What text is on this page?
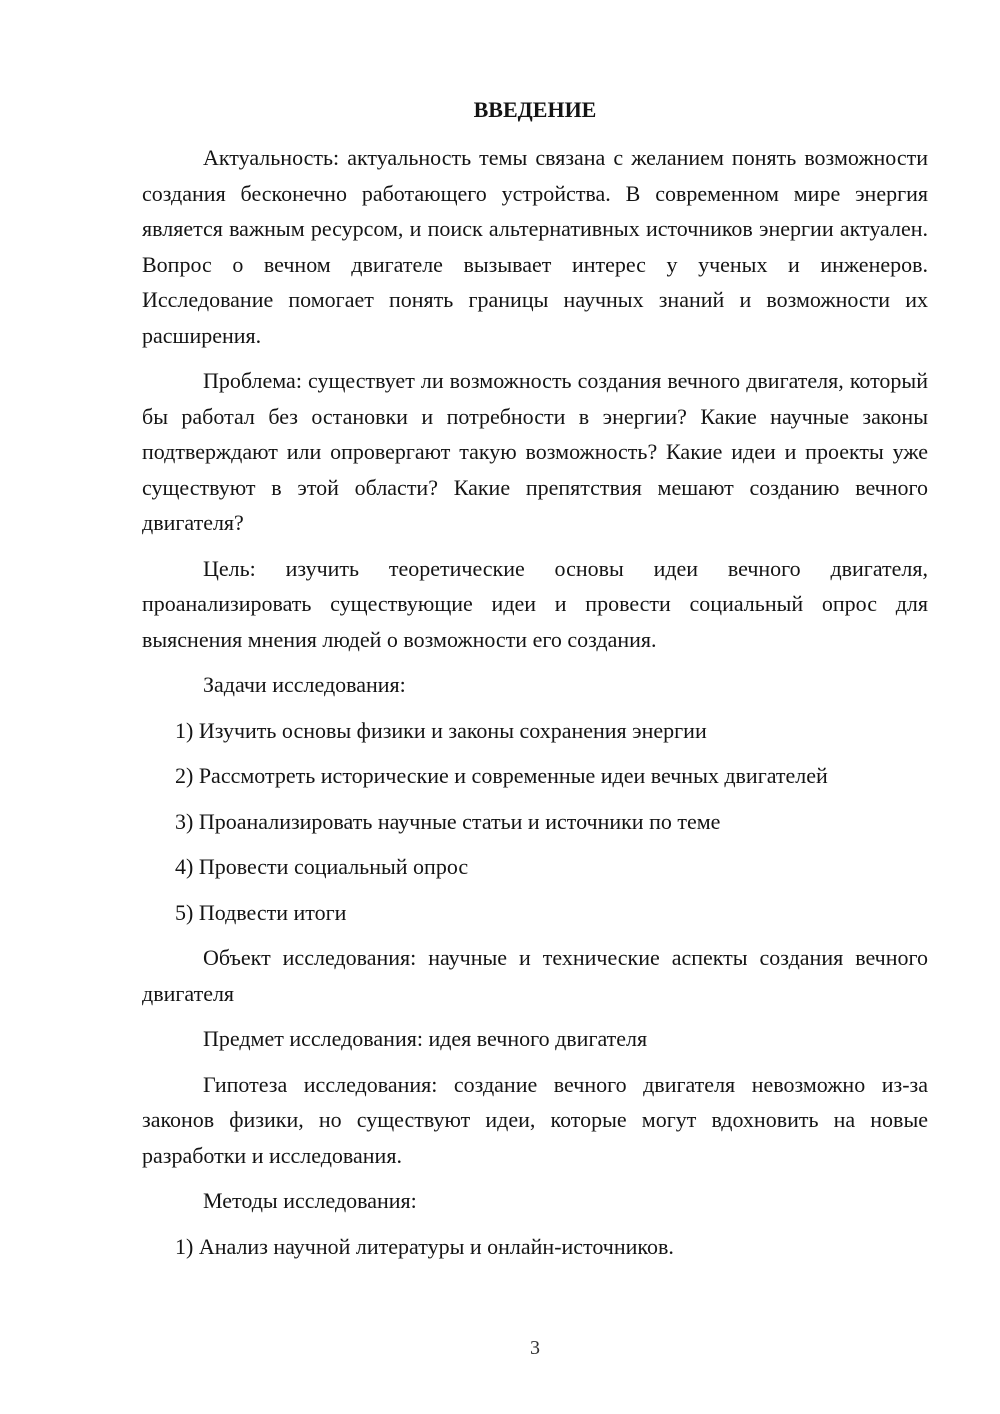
ВВЕДЕНИЕ

Актуальность: актуальность темы связана с желанием понять возможности создания бесконечно работающего устройства. В современном мире энергия является важным ресурсом, и поиск альтернативных источников энергии актуален. Вопрос о вечном двигателе вызывает интерес у ученых и инженеров. Исследование помогает понять границы научных знаний и возможности их расширения.

Проблема: существует ли возможность создания вечного двигателя, который бы работал без остановки и потребности в энергии? Какие научные законы подтверждают или опровергают такую возможность? Какие идеи и проекты уже существуют в этой области? Какие препятствия мешают созданию вечного двигателя?

Цель: изучить теоретические основы идеи вечного двигателя, проанализировать существующие идеи и провести социальный опрос для выяснения мнения людей о возможности его создания.

Задачи исследования:

1) Изучить основы физики и законы сохранения энергии
2) Рассмотреть исторические и современные идеи вечных двигателей
3) Проанализировать научные статьи и источники по теме
4) Провести социальный опрос
5) Подвести итоги

Объект исследования: научные и технические аспекты создания вечного двигателя

Предмет исследования: идея вечного двигателя

Гипотеза исследования: создание вечного двигателя невозможно из-за законов физики, но существуют идеи, которые могут вдохновить на новые разработки и исследования.

Методы исследования:

1) Анализ научной литературы и онлайн-источников.
3
